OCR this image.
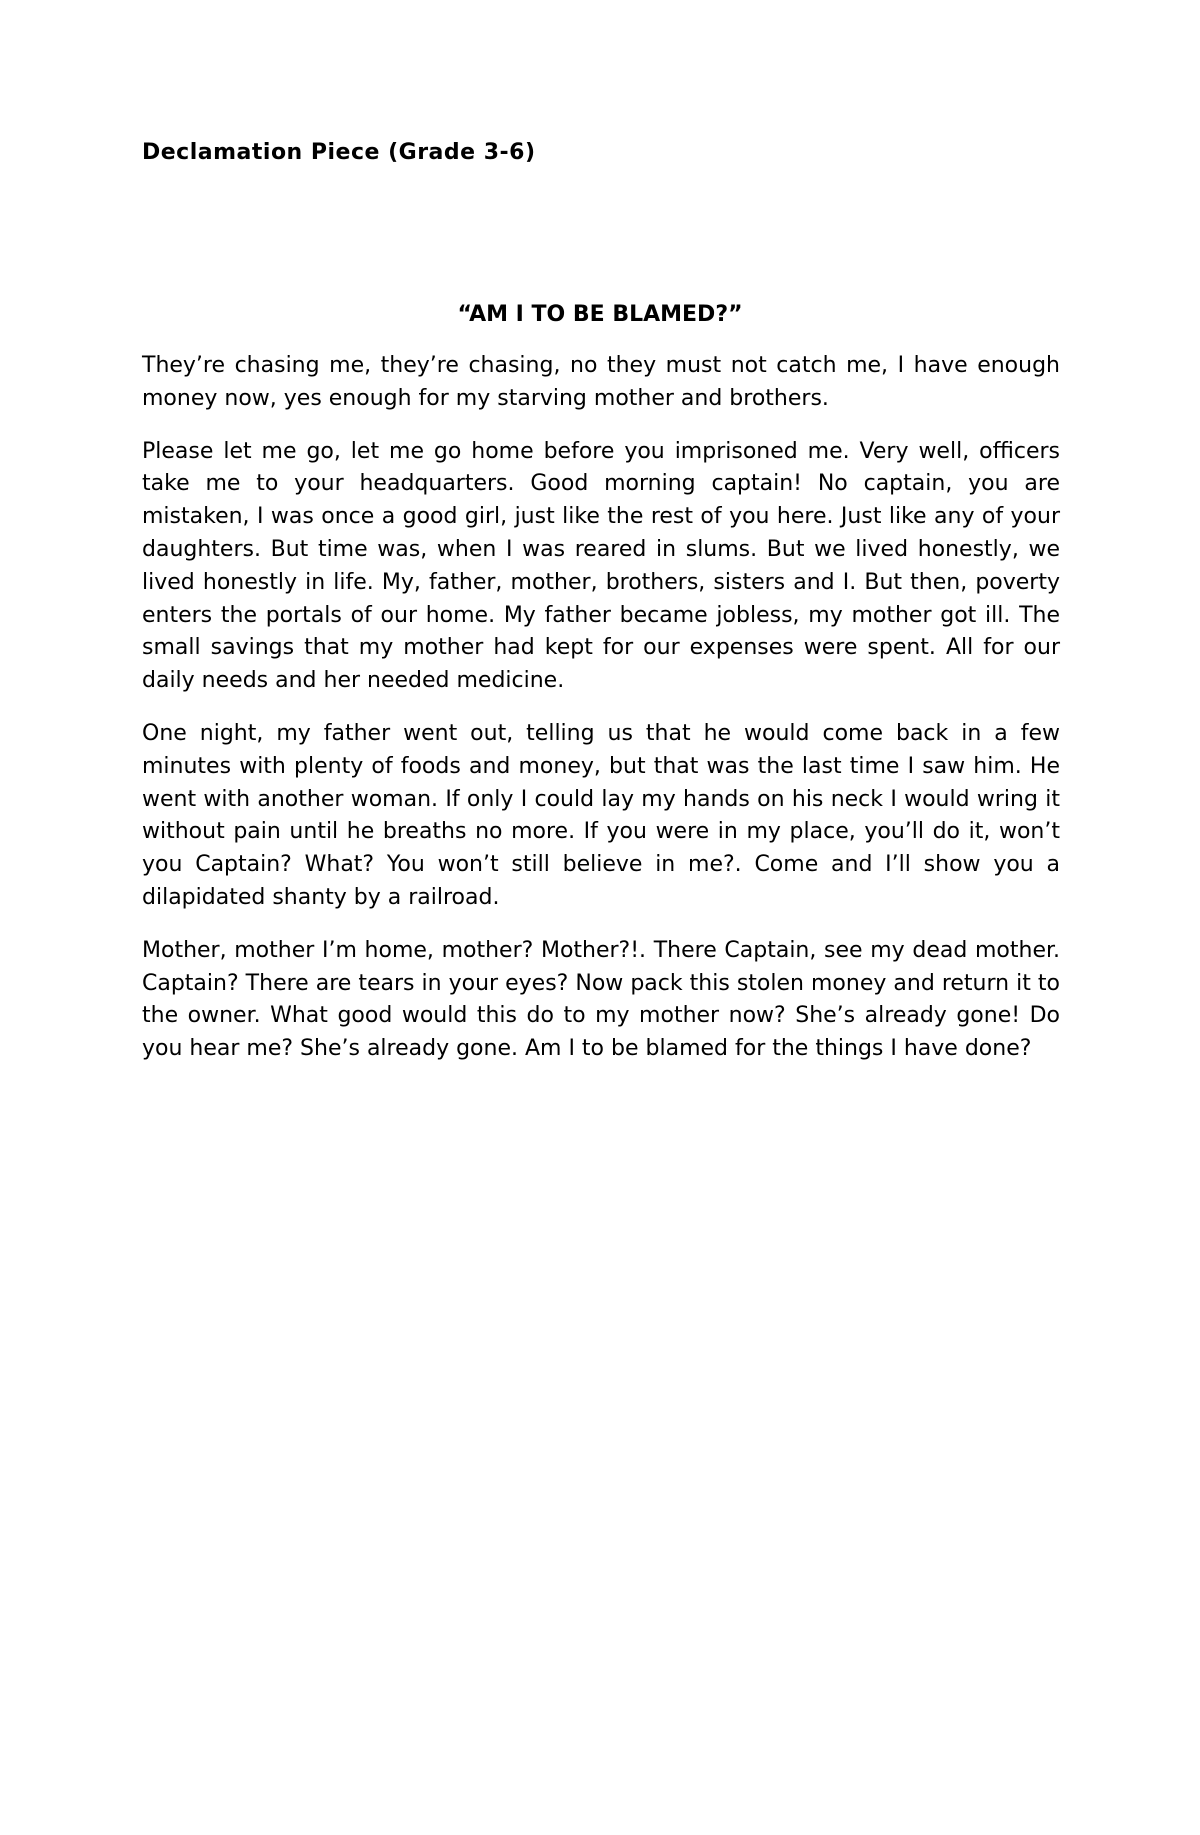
Declamation Piece (Grade 3-6)
“AM I TO BE BLAMED?”

They’re chasing me, they’re chasing, no they must not catch me, I have enough money now, yes enough for my starving mother and brothers.

Please let me go, let me go home before you imprisoned me. Very well, officers take me to your headquarters. Good morning captain! No captain, you are mistaken, I was once a good girl, just like the rest of you here. Just like any of your daughters. But time was, when I was reared in slums. But we lived honestly, we lived honestly in life. My, father, mother, brothers, sisters and I. But then, poverty enters the portals of our home. My father became jobless, my mother got ill. The small savings that my mother had kept for our expenses were spent. All for our daily needs and her needed medicine.

One night, my father went out, telling us that he would come back in a few minutes with plenty of foods and money, but that was the last time I saw him. He went with another woman. If only I could lay my hands on his neck I would wring it without pain until he breaths no more. If you were in my place, you’ll do it, won’t you Captain? What? You won’t still believe in me?. Come and I’ll show you a dilapidated shanty by a railroad.

Mother, mother I’m home, mother? Mother?!. There Captain, see my dead mother. Captain? There are tears in your eyes? Now pack this stolen money and return it to the owner. What good would this do to my mother now? She’s already gone! Do you hear me? She’s already gone. Am I to be blamed for the things I have done?
